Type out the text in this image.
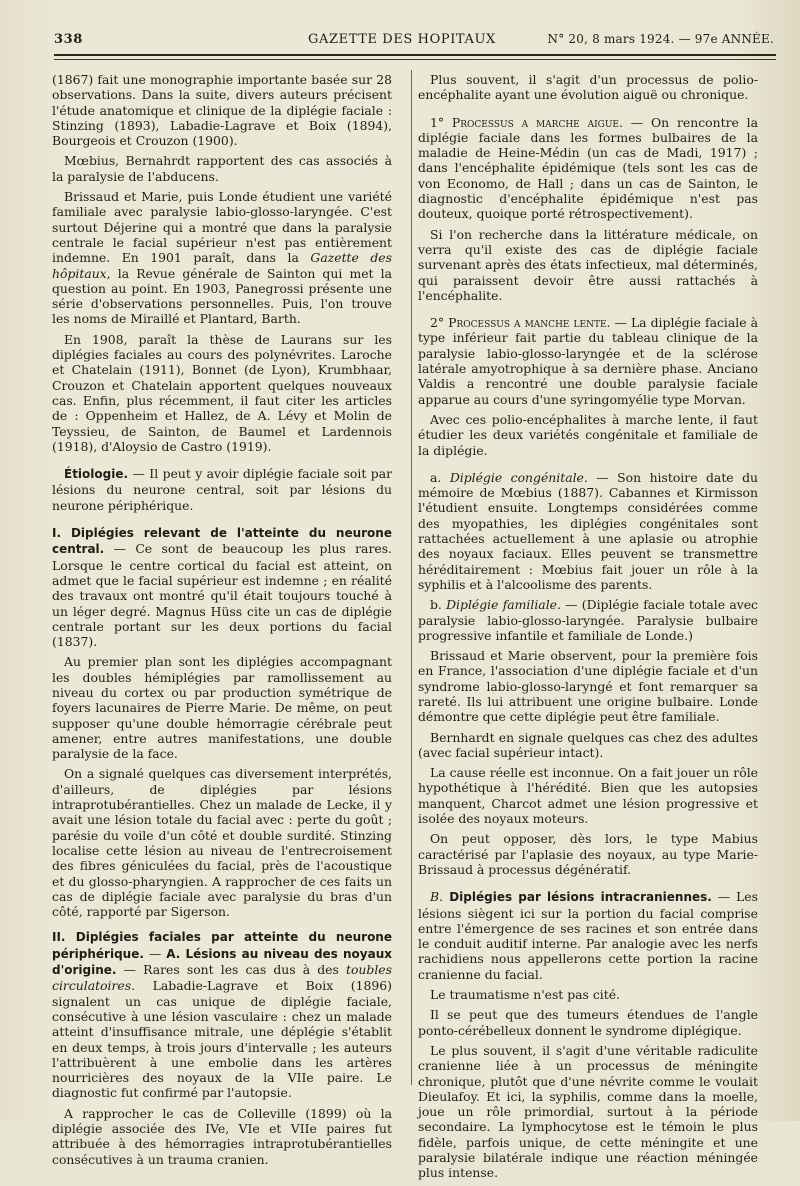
338	GAZETTE DES HOPITAUX	N° 20, 8 mars 1924. — 97e ANNÉE.

(1867) fait une monographie importante basée sur 28 observations. Dans la suite, divers auteurs précisent l'étude anatomique et clinique de la diplégie faciale : Stinzing (1893), Labadie-Lagrave et Boix (1894), Bourgeois et Crouzon (1900).

Mœbius, Bernahrdt rapportent des cas associés à la paralysie de l'abducens.

Brissaud et Marie, puis Londe étudient une variété familiale avec paralysie labio-glosso-laryngée. C'est surtout Déjerine qui a montré que dans la paralysie centrale le facial supérieur n'est pas entièrement indemne. En 1901 paraît, dans la Gazette des hôpitaux, la Revue générale de Sainton qui met la question au point. En 1903, Panegrossi présente une série d'observations personnelles. Puis, l'on trouve les noms de Miraillé et Plantard, Barth.

En 1908, paraît la thèse de Laurans sur les diplégies faciales au cours des polynévrites. Laroche et Chatelain (1911), Bonnet (de Lyon), Krumbhaar, Crouzon et Chatelain apportent quelques nouveaux cas. Enfin, plus récemment, il faut citer les articles de : Oppenheim et Hallez, de A. Lévy et Molin de Teyssieu, de Sainton, de Baumel et Lardennois (1918), d'Aloysio de Castro (1919).

Étiologie. — Il peut y avoir diplégie faciale soit par lésions du neurone central, soit par lésions du neurone périphérique.

I. Diplégies relevant de l'atteinte du neurone central. — Ce sont de beaucoup les plus rares. Lorsque le centre cortical du facial est atteint, on admet que le facial supérieur est indemne ; en réalité des travaux ont montré qu'il était toujours touché à un léger degré. Magnus Hüss cite un cas de diplégie centrale portant sur les deux portions du facial (1837).

Au premier plan sont les diplégies accompagnant les doubles hémiplégies par ramollissement au niveau du cortex ou par production symétrique de foyers lacunaires de Pierre Marie. De même, on peut supposer qu'une double hémorragie cérébrale peut amener, entre autres manifestations, une double paralysie de la face.

On a signalé quelques cas diversement interprétés, d'ailleurs, de diplégies par lésions intraprotubérantielles. Chez un malade de Lecke, il y avait une lésion totale du facial avec : perte du goût ; parésie du voile d'un côté et double surdité. Stinzing localise cette lésion au niveau de l'entrecroisement des fibres géniculées du facial, près de l'acoustique et du glosso-pharyngien. A rapprocher de ces faits un cas de diplégie faciale avec paralysie du bras d'un côté, rapporté par Sigerson.

II. Diplégies faciales par atteinte du neurone périphérique. — A. Lésions au niveau des noyaux d'origine. — Rares sont les cas dus à des toubles circulatoires. Labadie-Lagrave et Boix (1896) signalent un cas unique de diplégie faciale, consécutive à une lésion vasculaire : chez un malade atteint d'insuffisance mitrale, une déplégie s'établit en deux temps, à trois jours d'intervalle ; les auteurs l'attribuèrent à une embolie dans les artères nourricières des noyaux de la VIIe paire. Le diagnostic fut confirmé par l'autopsie.

A rapprocher le cas de Colleville (1899) où la diplégie associée des IVe, VIe et VIIe paires fut attribuée à des hémorragies intraprotubérantielles consécutives à un trauma cranien.

Plus souvent, il s'agit d'un processus de polio-encéphalite ayant une évolution aiguë ou chronique.

1° Processus a marche aigue. — On rencontre la diplégie faciale dans les formes bulbaires de la maladie de Heine-Médin (un cas de Madi, 1917) ; dans l'encéphalite épidémique (tels sont les cas de von Economo, de Hall ; dans un cas de Sainton, le diagnostic d'encéphalite épidémique n'est pas douteux, quoique porté rétrospectivement).

Si l'on recherche dans la littérature médicale, on verra qu'il existe des cas de diplégie faciale survenant après des états infectieux, mal déterminés, qui paraissent devoir être aussi rattachés à l'encéphalite.

2° Processus a manche lente. — La diplégie faciale à type inférieur fait partie du tableau clinique de la paralysie labio-glosso-laryngée et de la sclérose latérale amyotrophique à sa dernière phase. Anciano Valdis a rencontré une double paralysie faciale apparue au cours d'une syringomyélie type Morvan.

Avec ces polio-encéphalites à marche lente, il faut étudier les deux variétés congénitale et familiale de la diplégie.

a. Diplégie congénitale. — Son histoire date du mémoire de Mœbius (1887). Cabannes et Kirmisson l'étudient ensuite. Longtemps considérées comme des myopathies, les diplégies congénitales sont rattachées actuellement à une aplasie ou atrophie des noyaux faciaux. Elles peuvent se transmettre héréditairement : Mœbius fait jouer un rôle à la syphilis et à l'alcoolisme des parents.

b. Diplégie familiale. — (Diplégie faciale totale avec paralysie labio-glosso-laryngée. Paralysie bulbaire progressive infantile et familiale de Londe.)

Brissaud et Marie observent, pour la première fois en France, l'association d'une diplégie faciale et d'un syndrome labio-glosso-laryngé et font remarquer sa rareté. Ils lui attribuent une origine bulbaire. Londe démontre que cette diplégie peut être familiale.

Bernhardt en signale quelques cas chez des adultes (avec facial supérieur intact).

La cause réelle est inconnue. On a fait jouer un rôle hypothétique à l'hérédité. Bien que les autopsies manquent, Charcot admet une lésion progressive et isolée des noyaux moteurs.

On peut opposer, dès lors, le type Mabius caractérisé par l'aplasie des noyaux, au type Marie-Brissaud à processus dégénératif.

B. Diplégies par lésions intracraniennes. — Les lésions siègent ici sur la portion du facial comprise entre l'émergence de ses racines et son entrée dans le conduit auditif interne. Par analogie avec les nerfs rachidiens nous appellerons cette portion la racine cranienne du facial.

Le traumatisme n'est pas cité.

Il se peut que des tumeurs étendues de l'angle ponto-cérébelleux donnent le syndrome diplégique.

Le plus souvent, il s'agit d'une véritable radiculite cranienne liée à un processus de méningite chronique, plutôt que d'une névrite comme le voulait Dieulafoy. Et ici, la syphilis, comme dans la moelle, joue un rôle primordial, surtout à la période secondaire. La lymphocytose est le témoin le plus fidèle, parfois unique, de cette méningite et une paralysie bilatérale indique une réaction méningée plus intense.
